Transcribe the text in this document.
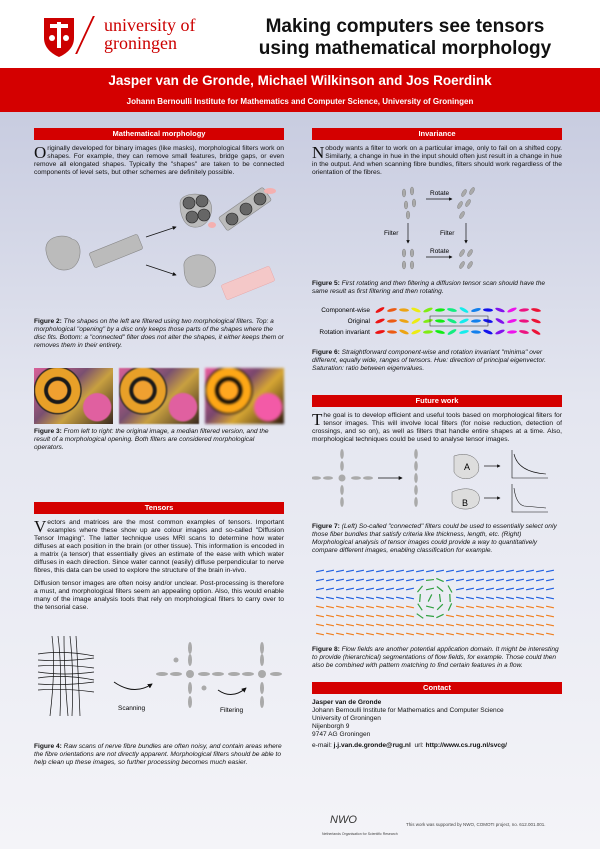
university of
groningen
Making computers see tensors
using mathematical morphology
Jasper van de Gronde, Michael Wilkinson and Jos Roerdink
Johann Bernoulli Institute for Mathematics and Computer Science, University of Groningen
Mathematical morphology
Originally developed for binary images (like masks), morphological filters work on shapes. For example, they can remove small features, bridge gaps, or even remove all elongated shapes. Typically the "shapes" are taken to be connected components of level sets, but other schemes are definitely possible.
Figure 2: The shapes on the left are filtered using two morphological filters. Top: a morphological "opening" by a disc only keeps those parts of the shapes where the disc fits. Bottom: a "connected" filter does not alter the shapes, it either keeps them or removes them in their entirety.
Figure 3: From left to right: the original image, a median filtered version, and the result of a morphological opening. Both filters are considered morphological operators.
Tensors
Vectors and matrices are the most common examples of tensors. Important examples where these show up are colour images and so-called "Diffusion Tensor Imaging". The latter technique uses MRI scans to determine how water diffuses at each position in the brain (or other tissue). This information is encoded in a matrix (a tensor) that essentially gives an estimate of the ease with which water diffuses in each direction. Since water cannot (easily) diffuse perpendicular to nerve fibres, this data can be used to explore the structure of the brain in-vivo.
Diffusion tensor images are often noisy and/or unclear. Post-processing is therefore a must, and morphological filters seem an appealing option. Also, this would enable many of the image analysis tools that rely on morphological filters to carry over to the tensorial case.
Scanning	Filtering
Figure 4: Raw scans of nerve fibre bundles are often noisy, and contain areas where the fibre orientations are not directly apparent. Morphological filters should be able to help clean up these images, so further processing becomes much easier.
Invariance
Nobody wants a filter to work on a particular image, only to fail on a shifted copy. Similarly, a change in hue in the input should often just result in a change in hue in the output. And when scanning fibre bundles, filters should work regardless of the orientation of the fibres.
Rotate
Filter	Filter
Rotate
Figure 5: First rotating and then filtering a diffusion tensor scan should have the same result as first filtering and then rotating.
Component-wise
Original
Rotation invariant
Figure 6: Straightforward component-wise and rotation invariant "minima" over different, equally wide, ranges of tensors. Hue: direction of principal eigenvector. Saturation: ratio between eigenvalues.
Future work
The goal is to develop efficient and useful tools based on morphological filters for tensor images. This will involve local filters (for noise reduction, detection of crossings, and so on), as well as filters that handle entire shapes at a time. Also, morphological techniques could be used to analyse tensor images.
A
B
Figure 7: (Left) So-called "connected" filters could be used to essentially select only those fiber bundles that satisfy criteria like thickness, length, etc. (Right) Morphological analysis of tensor images could provide a way to quantitatively compare different images, enabling classification for example.
Figure 8: Flow fields are another potential application domain. It might be interesting to provide (hierarchical) segmentations of flow fields, for example. Those could then also be combined with pattern matching to find certain features in a flow.
Contact
Jasper van de Gronde
Johann Bernoulli Institute for Mathematics and Computer Science
University of Groningen
Nijenborgh 9
9747 AG Groningen
e-mail: j.j.van.de.gronde@rug.nl url: http://www.cs.rug.nl/svcg/
NWO
Netherlands Organisation for Scientific Research
This work was supported by NWO, COMOTI project, no. 612.001.001.
